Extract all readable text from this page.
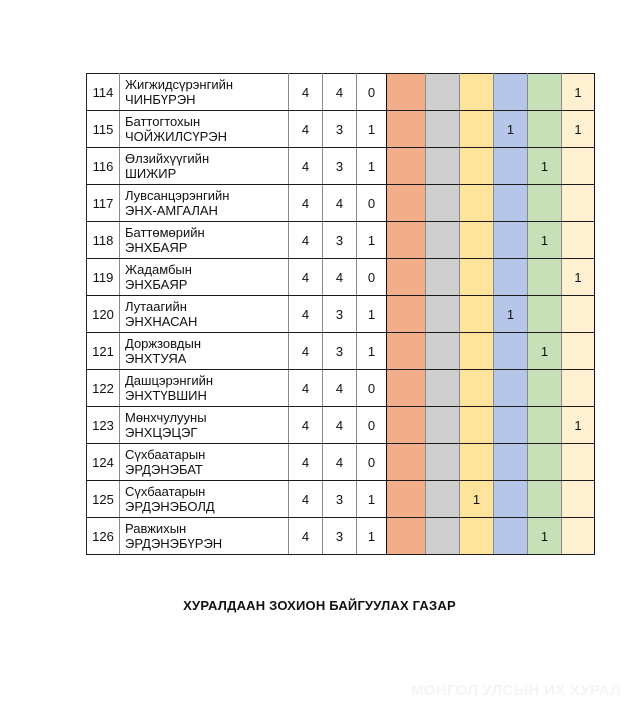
114	Жигжидсүрэнгийн
ЧИНБҮРЭН	4	4	0						1
115	Баттогтохын
ЧОЙЖИЛСҮРЭН	4	3	1				1		1
116	Өлзийхүүгийн
ШИЖИР	4	3	1					1	
117	Лувсанцэрэнгийн
ЭНХ-АМГАЛАН	4	4	0						
118	Баттөмөрийн
ЭНХБАЯР	4	3	1					1	
119	Жадамбын
ЭНХБАЯР	4	4	0						1
120	Лутаагийн
ЭНХНАСАН	4	3	1				1		
121	Доржзовдын
ЭНХТУЯА	4	3	1					1	
122	Дашцэрэнгийн
ЭНХТҮВШИН	4	4	0						
123	Мөнхчулууны
ЭНХЦЭЦЭГ	4	4	0						1
124	Сүхбаатарын
ЭРДЭНЭБАТ	4	4	0						
125	Сүхбаатарын
ЭРДЭНЭБОЛД	4	3	1			1			
126	Равжихын
ЭРДЭНЭБҮРЭН	4	3	1					1	
ХУРАЛДААН ЗОХИОН БАЙГУУЛАХ ГАЗАР
МОНГОЛ УЛСЫН ИХ ХУРАЛ
